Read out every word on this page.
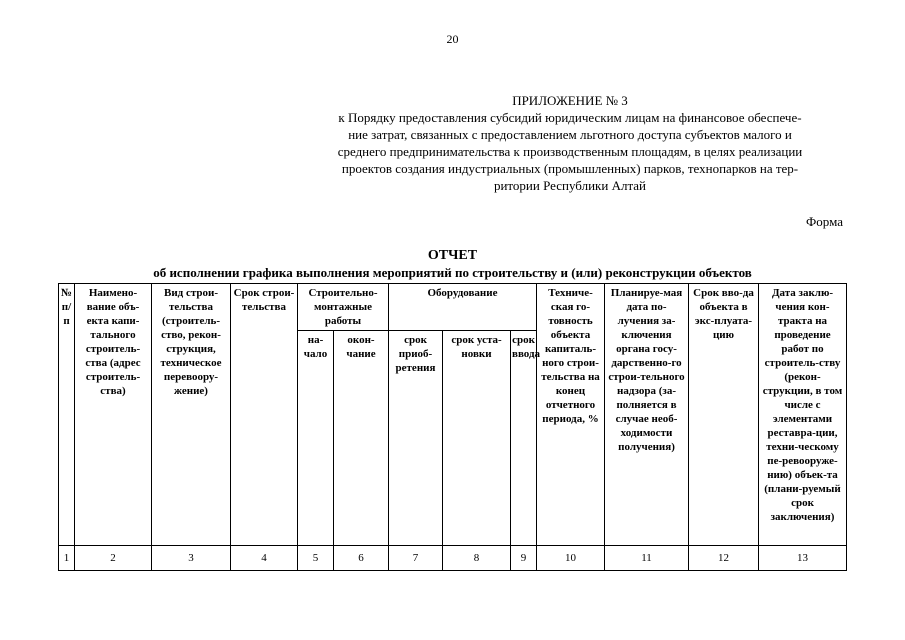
20
ПРИЛОЖЕНИЕ № 3
к Порядку предоставления субсидий юридическим лицам на финансовое обеспече-
ние затрат, связанных с предоставлением льготного доступа субъектов малого и
среднего предпринимательства к производственным площадям, в целях реализации
проектов создания индустриальных (промышленных) парков, технопарков на тер-
ритории Республики Алтай
Форма
ОТЧЕТ
об исполнении графика выполнения мероприятий по строительству и (или) реконструкции объектов
№ п/п	Наимено-вание объ-екта капи-тального строитель-ства (адрес строитель-ства)	Вид строи-тельства (строитель-ство, рекон-струкция, техническое перевоору-жение)	Срок строи-тельства	Строительно-монтажные работы		Оборудование			Техниче-ская го-товность объекта капиталь-ного строи-тельства на конец отчетного периода, %	Планируе-мая дата по-лучения за-ключения органа госу-дарственно-го строи-тельного надзора (за-полняется в случае необ-ходимости получения)	Срок вво-да объекта в экс-плуата-цию	Дата заклю-чения кон-тракта на проведение работ по строитель-ству (рекон-струкции, в том числе с элементами реставра-ции, техни-ческому пе-ревооруже-нию) объек-та (плани-руемый срок заключения)
				на-чало	окон-чание	срок приоб-ретения	срок уста-новки	срок ввода				
1	2	3	4	5	6	7	8	9	10	11	12	13
